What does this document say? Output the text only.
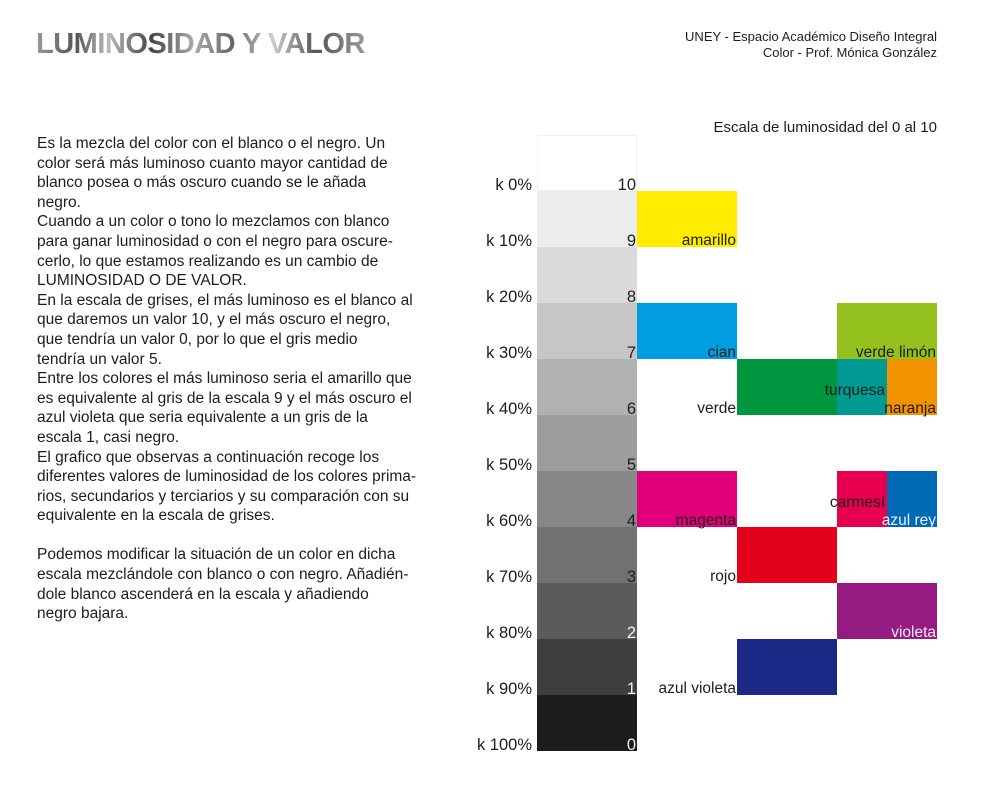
LUMINOSIDAD Y VALOR	UNEY - Espacio Académico Diseño Integral
Color - Prof. Mónica González
Escala de luminosidad del 0 al 10
Es la mezcla del color con el blanco o el negro. Un
color será más luminoso cuanto mayor cantidad de
blanco posea o más oscuro cuando se le añada
negro.
Cuando a un color o tono lo mezclamos con blanco
para ganar luminosidad o con el negro para oscure-
cerlo, lo que estamos realizando es un cambio de
LUMINOSIDAD O DE VALOR.
En la escala de grises, el más luminoso es el blanco al
que daremos un valor 10, y el más oscuro el negro,
que tendría un valor 0, por lo que el gris medio
tendría un valor 5.
Entre los colores el más luminoso seria el amarillo que
es equivalente al gris de la escala 9 y el más oscuro el
azul violeta que seria equivalente a un gris de la
escala 1, casi negro.
El grafico que observas a continuación recoge los
diferentes valores de luminosidad de los colores prima-
rios, secundarios y terciarios y su comparación con su
equivalente en la escala de grises.
Podemos modificar la situación de un color en dicha
escala mezclándole con blanco o con negro. Añadién-
dole blanco ascenderá en la escala y añadiendo
negro bajara.
k 0%	10
k 10%	9
k 20%	8
k 30%	7
k 40%	6
k 50%	5
k 60%	4
k 70%	3
k 80%	2
k 90%	1
k 100%	0
amarillo
cian	verde limón
verde
turquesa
naranja
magenta
carmesí
azul rey
rojo
violeta
azul violeta
